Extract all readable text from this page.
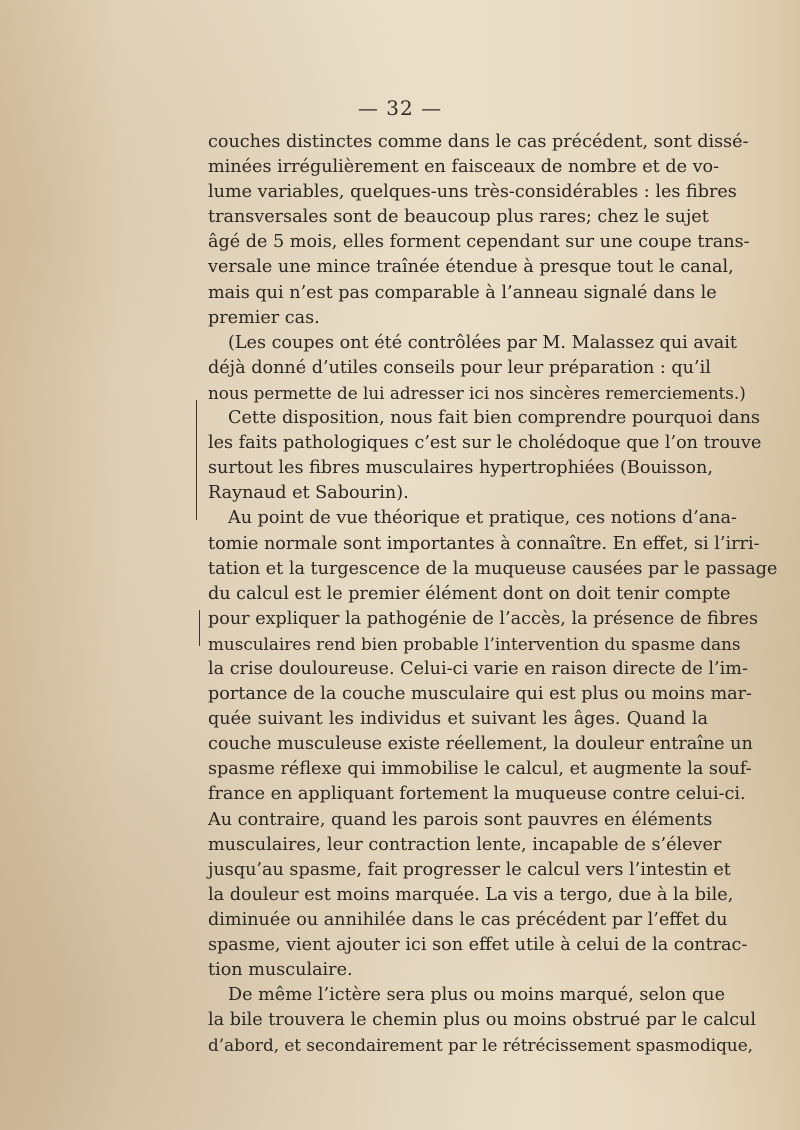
— 32 —
couches distinctes comme dans le cas précédent, sont dissé-
minées irrégulièrement en faisceaux de nombre et de vo-
lume variables, quelques-uns très-considérables : les fibres
transversales sont de beaucoup plus rares; chez le sujet
âgé de 5 mois, elles forment cependant sur une coupe trans-
versale une mince traînée étendue à presque tout le canal,
mais qui n’est pas comparable à l’anneau signalé dans le
premier cas.
(Les coupes ont été contrôlées par M. Malassez qui avait
déjà donné d’utiles conseils pour leur préparation : qu’il
nous permette de lui adresser ici nos sincères remerciements.)
Cette disposition, nous fait bien comprendre pourquoi dans
les faits pathologiques c’est sur le cholédoque que l’on trouve
surtout les fibres musculaires hypertrophiées (Bouisson,
Raynaud et Sabourin).
Au point de vue théorique et pratique, ces notions d’ana-
tomie normale sont importantes à connaître. En effet, si l’irri-
tation et la turgescence de la muqueuse causées par le passage
du calcul est le premier élément dont on doit tenir compte
pour expliquer la pathogénie de l’accès, la présence de fibres
musculaires rend bien probable l’intervention du spasme dans
la crise douloureuse. Celui-ci varie en raison directe de l’im-
portance de la couche musculaire qui est plus ou moins mar-
quée suivant les individus et suivant les âges. Quand la
couche musculeuse existe réellement, la douleur entraîne un
spasme réflexe qui immobilise le calcul, et augmente la souf-
france en appliquant fortement la muqueuse contre celui-ci.
Au contraire, quand les parois sont pauvres en éléments
musculaires, leur contraction lente, incapable de s’élever
jusqu’au spasme, fait progresser le calcul vers l’intestin et
la douleur est moins marquée. La vis a tergo, due à la bile,
diminuée ou annihilée dans le cas précédent par l’effet du
spasme, vient ajouter ici son effet utile à celui de la contrac-
tion musculaire.
De même l’ictère sera plus ou moins marqué, selon que
la bile trouvera le chemin plus ou moins obstrué par le calcul
d’abord, et secondairement par le rétrécissement spasmodique,
